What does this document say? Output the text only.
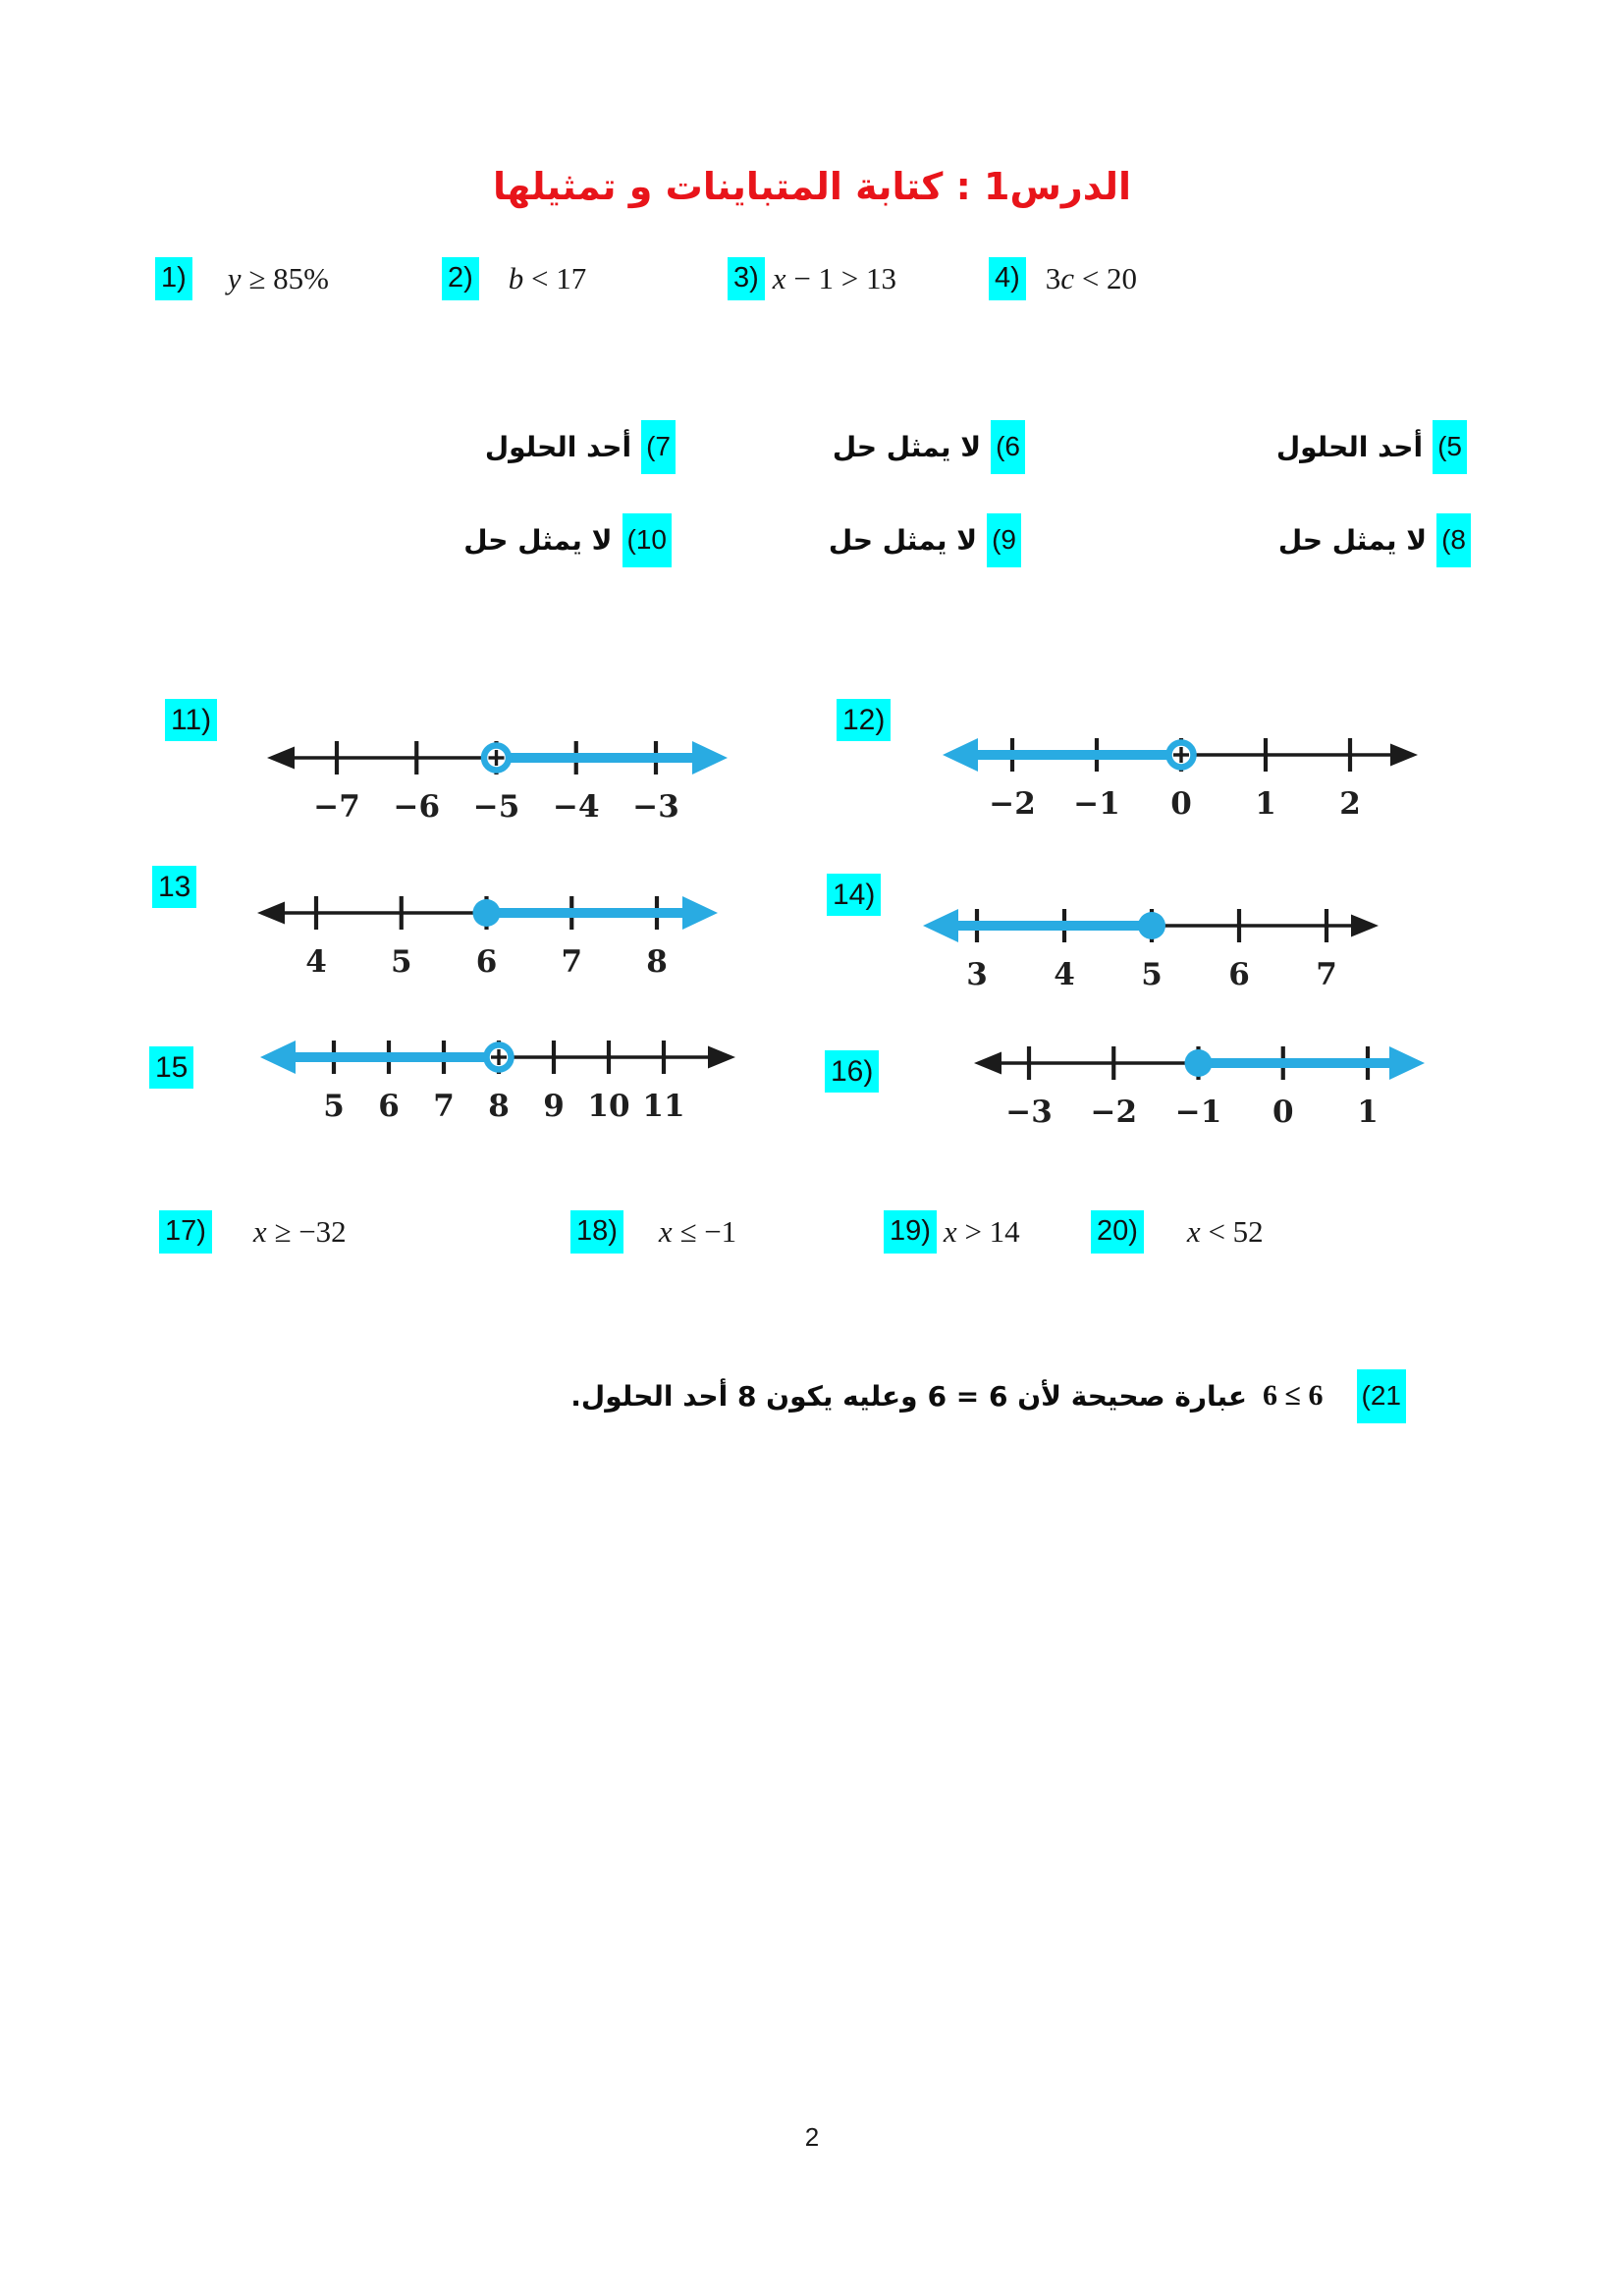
الدرس1 : كتابة المتباينات و تمثيلها
1) y ≥ 85%	2) b < 17	3) x − 1 > 13	4) 3c < 20
5)
أحد الحلول
6)
لا يمثل حل
7)
أحد الحلول
8)
لا يمثل حل
9)
لا يمثل حل
10)
لا يمثل حل
11)
−7 −6 −5 −4 −3
12)
−2 −1 0 1 2
13
4 5 6 7 8
14)
3 4 5 6 7
15
5 6 7 8 9 10 11
16)
−3 −2 −1 0 1
17) x ≥ −32	18) x ≤ −1	19) x > 14	20) x < 52
21)
6 ≤ 6
عبارة صحيحة لأن 6 = 6
وعليه يكون 8 أحد الحلول.
2
